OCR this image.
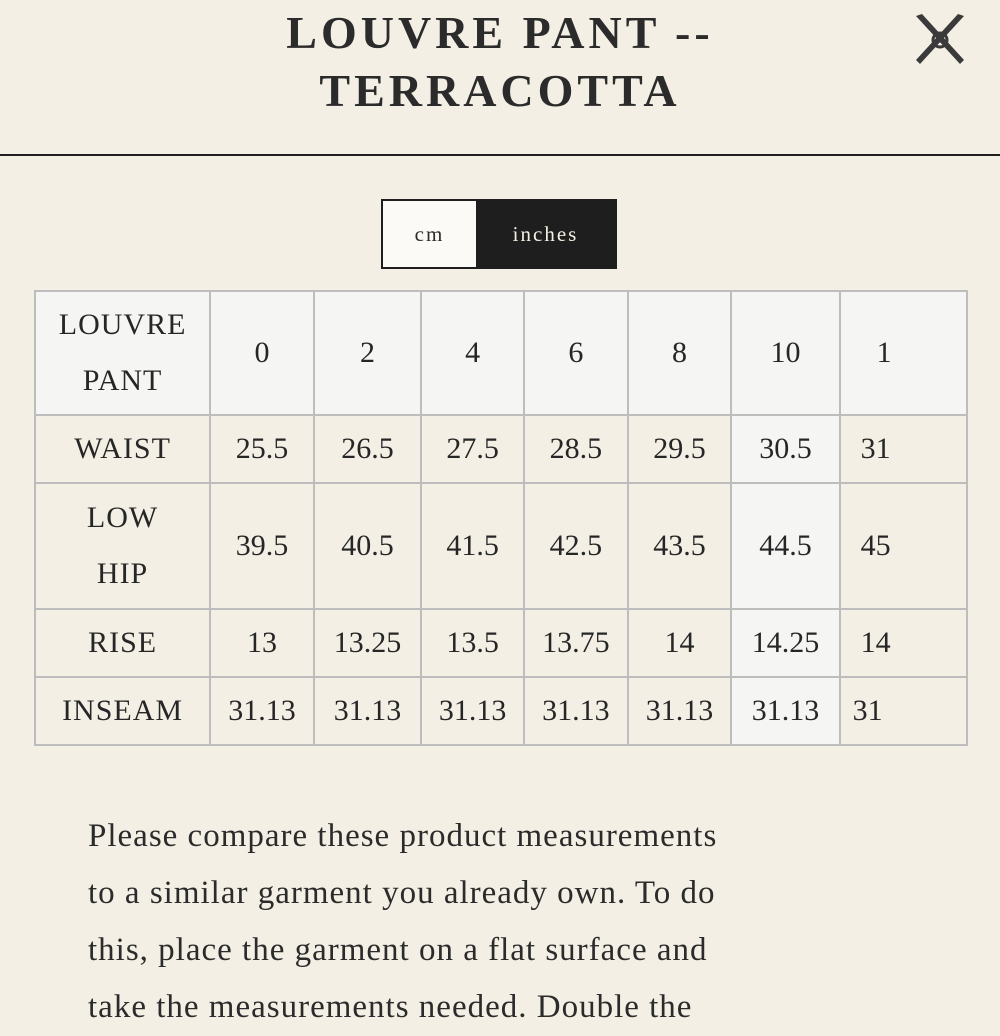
LOUVRE PANT --
TERRACOTTA
cm	inches
LOUVRE
PANT	0	2	4	6	8	10	1
WAIST	25.5	26.5	27.5	28.5	29.5	30.5	31
LOW
HIP	39.5	40.5	41.5	42.5	43.5	44.5	45
RISE	13	13.25	13.5	13.75	14	14.25	14
INSEAM	31.13	31.13	31.13	31.13	31.13	31.13	31
Please compare these product measurements
to a similar garment you already own. To do
this, place the garment on a flat surface and
take the measurements needed. Double the
